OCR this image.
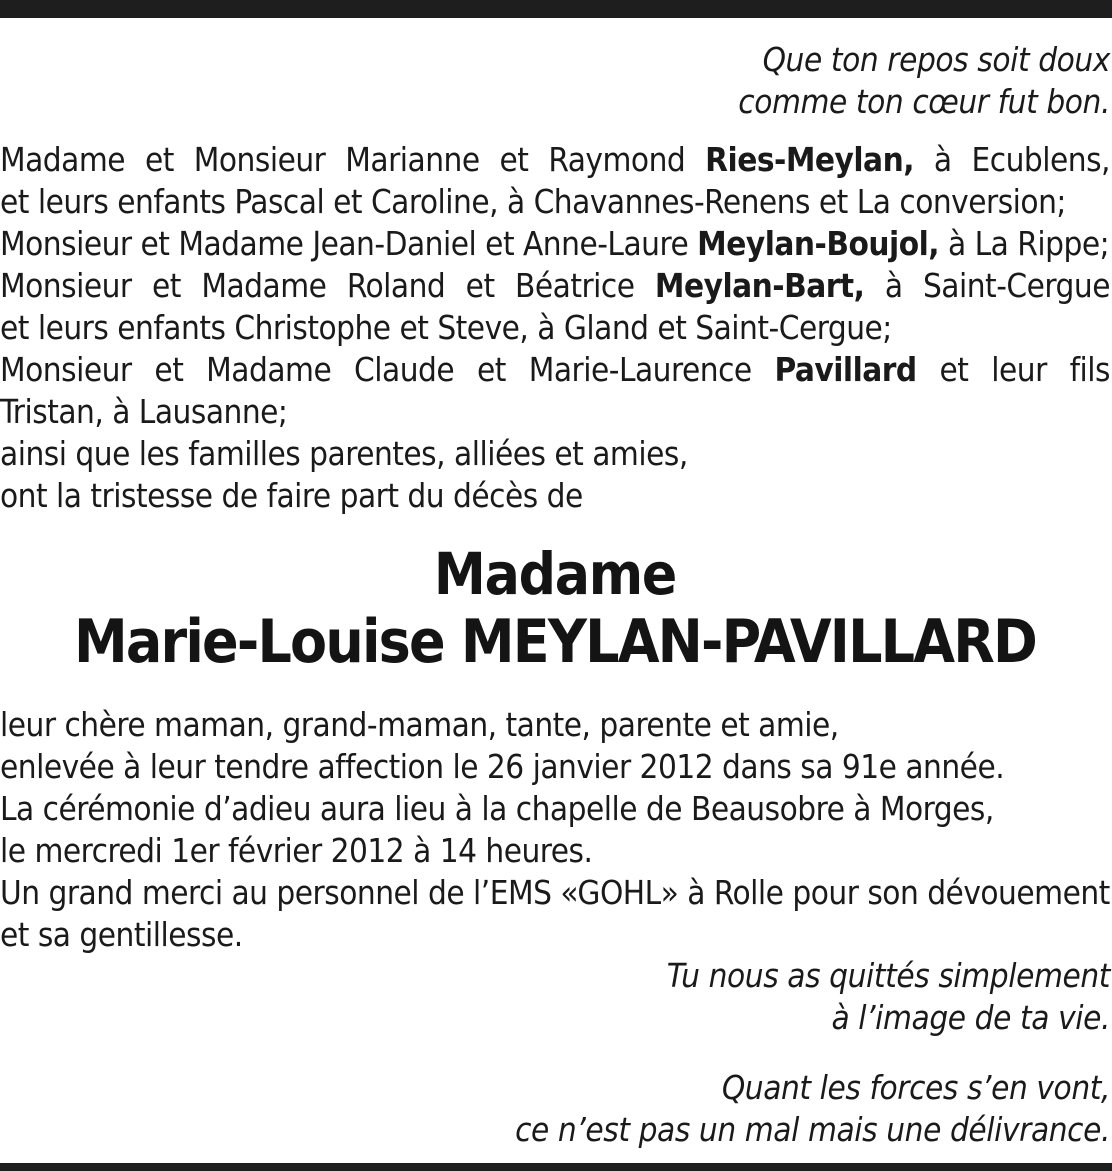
Que ton repos soit doux
comme ton cœur fut bon.
Madame et Monsieur Marianne et Raymond Ries-Meylan, à Ecublens,
et leurs enfants Pascal et Caroline, à Chavannes-Renens et La conversion;
Monsieur et Madame Jean-Daniel et Anne-Laure Meylan-Boujol, à La Rippe;
Monsieur et Madame Roland et Béatrice Meylan-Bart, à Saint-Cergue
et leurs enfants Christophe et Steve, à Gland et Saint-Cergue;
Monsieur et Madame Claude et Marie-Laurence Pavillard et leur fils
Tristan, à Lausanne;
ainsi que les familles parentes, alliées et amies,
ont la tristesse de faire part du décès de
Madame
Marie-Louise MEYLAN-PAVILLARD
leur chère maman, grand-maman, tante, parente et amie,
enlevée à leur tendre affection le 26 janvier 2012 dans sa 91e année.
La cérémonie d’adieu aura lieu à la chapelle de Beausobre à Morges,
le mercredi 1er février 2012 à 14 heures.
Un grand merci au personnel de l’EMS «GOHL» à Rolle pour son dévouement
et sa gentillesse.
Tu nous as quittés simplement
à l’image de ta vie.
Quant les forces s’en vont,
ce n’est pas un mal mais une délivrance.
